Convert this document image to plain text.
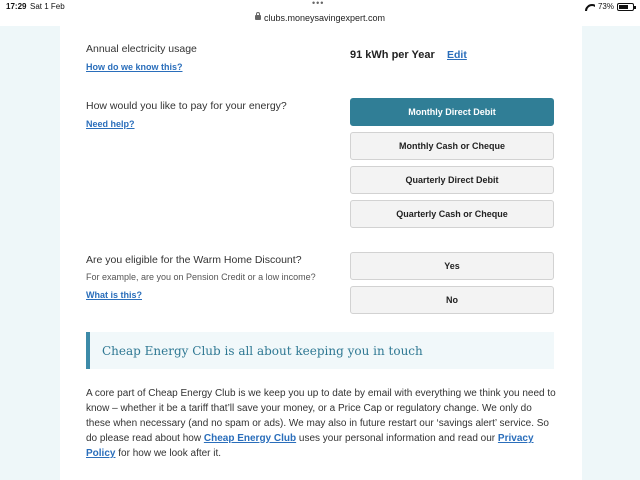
17:29 Sat 1 Feb	•••
clubs.moneysavingexpert.com
73%
Annual electricity usage
How do we know this?
91 kWh per Year Edit
How would you like to pay for your energy?
Need help?
Monthly Direct Debit
Monthly Cash or Cheque
Quarterly Direct Debit
Quarterly Cash or Cheque
Are you eligible for the Warm Home Discount?
For example, are you on Pension Credit or a low income?
What is this?
Yes
No
Cheap Energy Club is all about keeping you in touch

A core part of Cheap Energy Club is we keep you up to date by email with everything we think you need to know – whether it be a tariff that’ll save your money, or a Price Cap or regulatory change. We only do these when necessary (and no spam or ads). We may also in future restart our ‘savings alert’ service. So do please read about how Cheap Energy Club uses your personal information and read our Privacy Policy for how we look after it.
